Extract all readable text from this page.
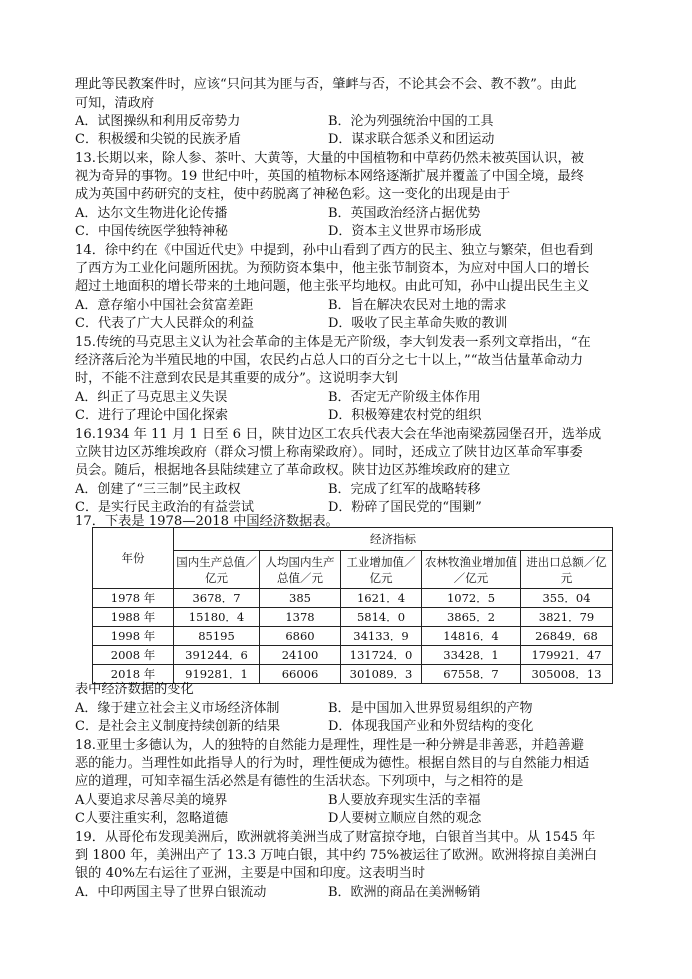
理此等民教案件时，应该“只问其为匪与否，肇衅与否，不论其会不会、教不教”。由此
可知，清政府
A．试图操纵和利用反帝势力	B．沦为列强统治中国的工具
C．积极缓和尖锐的民族矛盾	D．谋求联合惩杀义和团运动
13.长期以来，除人参、茶叶、大黄等，大量的中国植物和中草药仍然未被英国认识，被
视为奇异的事物。19 世纪中叶，英国的植物标本网络逐渐扩展并覆盖了中国全境，最终
成为英国中药研究的支柱，使中药脱离了神秘色彩。这一变化的出现是由于
A．达尔文生物进化论传播	B．英国政治经济占据优势
C．中国传统医学独特神秘	D．资本主义世界市场形成
14．徐中约在《中国近代史》中提到，孙中山看到了西方的民主、独立与繁荣，但也看到
了西方为工业化问题所困扰。为预防资本集中，他主张节制资本，为应对中国人口的增长
超过土地面积的增长带来的土地问题，他主张平均地权。由此可知，孙中山提出民生主义
A．意存缩小中国社会贫富差距	B．旨在解决农民对土地的需求
C．代表了广大人民群众的利益	D．吸收了民主革命失败的教训
15.传统的马克思主义认为社会革命的主体是无产阶级，李大钊发表一系列文章指出，“在
经济落后沦为半殖民地的中国，农民约占总人口的百分之七十以上，”“故当估量革命动力
时，不能不注意到农民是其重要的成分”。这说明李大钊
A．纠正了马克思主义失误	B．否定无产阶级主体作用
C．进行了理论中国化探索	D．积极筹建农村党的组织
16.1934 年 11 月 1 日至 6 日，陕甘边区工农兵代表大会在华池南梁荔园堡召开，选举成
立陕甘边区苏维埃政府（群众习惯上称南梁政府）。同时，还成立了陕甘边区革命军事委
员会。随后，根据地各县陆续建立了革命政权。陕甘边区苏维埃政府的建立
A．创建了“三三制”民主政权	B．完成了红军的战略转移
C．是实行民主政治的有益尝试	D．粉碎了国民党的“围剿”
17．下表是 1978—2018 中国经济数据表。
年份	经济指标				
	国内生产总值／亿元	人均国内生产总值／元	工业增加值／亿元	农林牧渔业增加值／亿元	进出口总额／亿元
1978 年	3678．7	385	1621．4	1072．5	355．04
1988 年	15180．4	1378	5814．0	3865．2	3821．79
1998 年	85195	6860	34133．9	14816．4	26849．68
2008 年	391244．6	24100	131724．0	33428．1	179921．47
2018 年	919281．1	66006	301089．3	67558．7	305008．13
表中经济数据的变化
A．缘于建立社会主义市场经济体制	B．是中国加入世界贸易组织的产物
C．是社会主义制度持续创新的结果	D．体现我国产业和外贸结构的变化
18.亚里士多德认为，人的独特的自然能力是理性，理性是一种分辨是非善恶，并趋善避
恶的能力。当理性如此指导人的行为时，理性便成为德性。根据自然目的与自然能力相适
应的道理，可知幸福生活必然是有德性的生活状态。下列项中，与之相符的是
A人要追求尽善尽美的境界	B人要放弃现实生活的幸福
C人要注重实利，忽略道德	D人要树立顺应自然的观念
19．从哥伦布发现美洲后，欧洲就将美洲当成了财富掠夺地，白银首当其中。从 1545 年
到 1800 年，美洲出产了 13.3 万吨白银，其中约 75%被运往了欧洲。欧洲将掠自美洲白
银的 40%左右运往了亚洲，主要是中国和印度。这表明当时
A．中印两国主导了世界白银流动	B．欧洲的商品在美洲畅销
